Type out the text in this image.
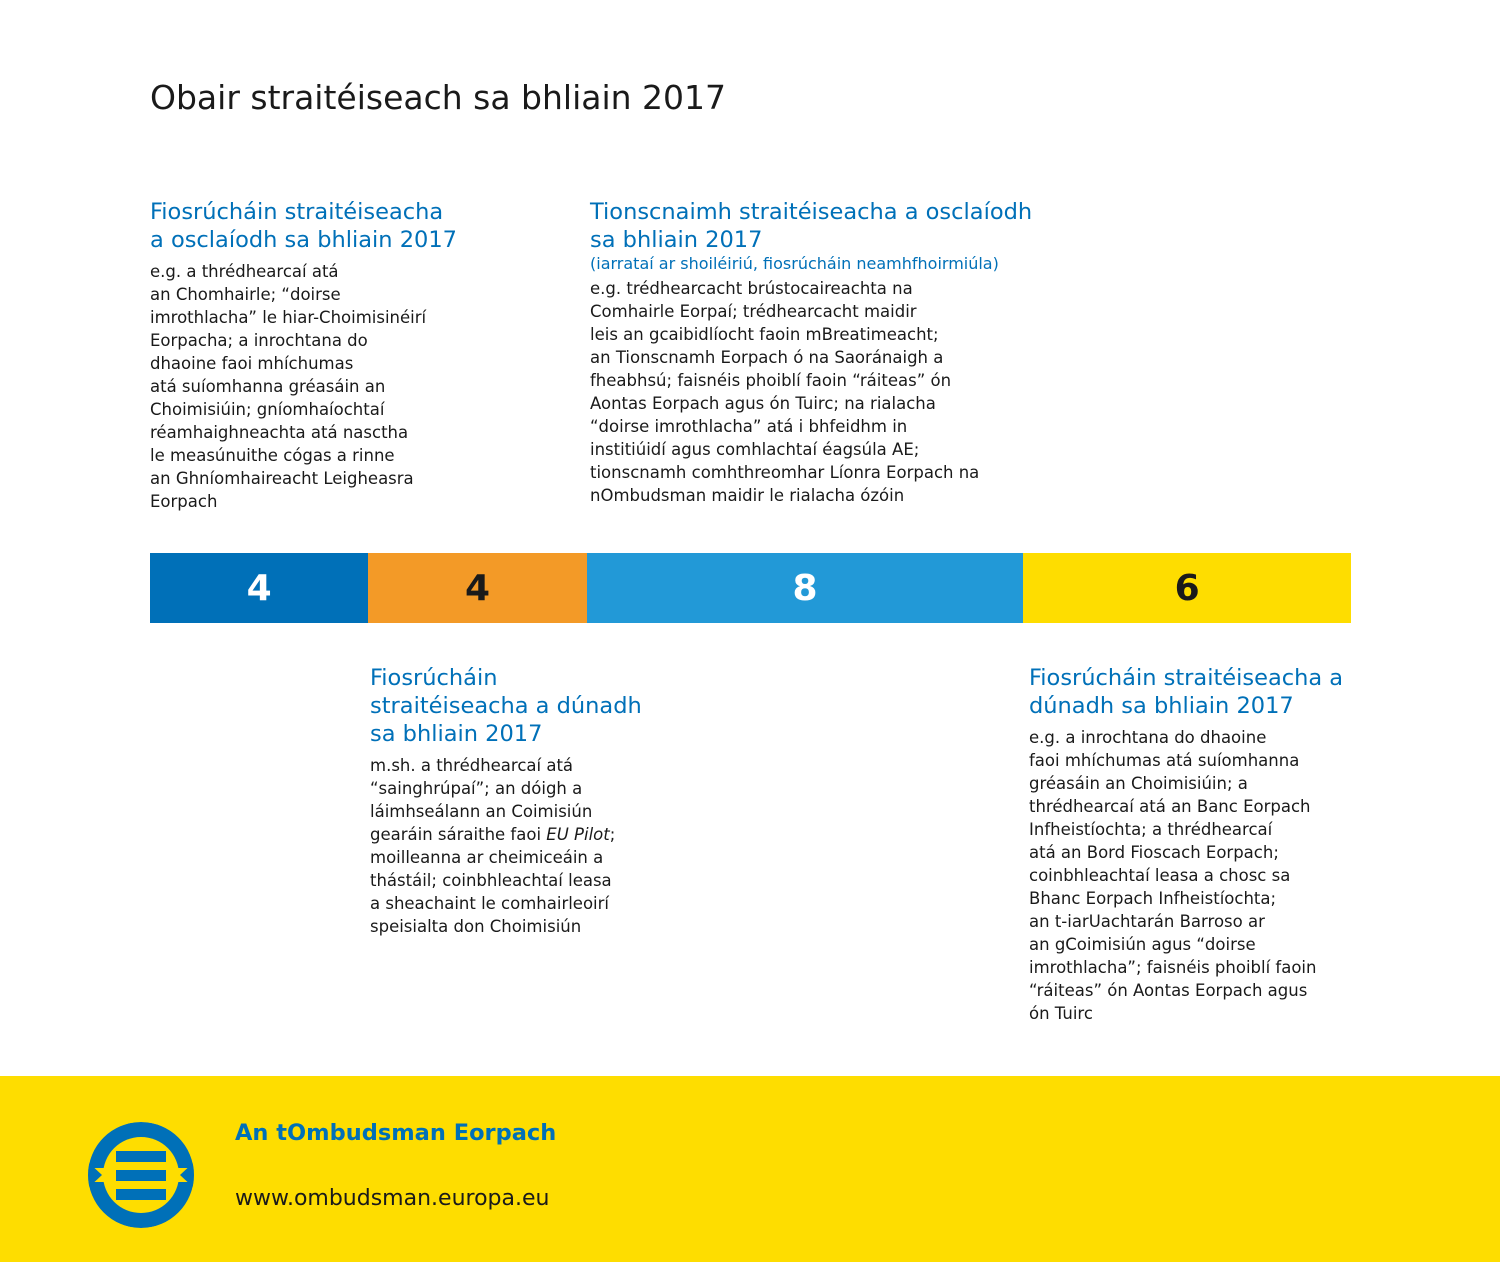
Obair straitéiseach sa bhliain 2017
Fiosrúcháin straitéiseacha
a osclaíodh sa bhliain 2017

e.g. a thrédhearcaí atá
an Chomhairle; “doirse
imrothlacha” le hiar-Choimisinéirí
Eorpacha; a inrochtana do
dhaoine faoi mhíchumas
atá suíomhanna gréasáin an
Choimisiúin; gníomhaíochtaí
réamhaighneachta atá nasctha
le measúnuithe cógas a rinne
an Ghníomhaireacht Leigheasra
Eorpach

Tionscnaimh straitéiseacha a osclaíodh
sa bhliain 2017
(iarrataí ar shoiléiriú, fiosrúcháin neamhfhoirmiúla)

e.g. trédhearcacht brústocaireachta na
Comhairle Eorpaí; trédhearcacht maidir
leis an gcaibidlíocht faoin mBreatimeacht;
an Tionscnamh Eorpach ó na Saoránaigh a
fheabhsú; faisnéis phoiblí faoin “ráiteas” ón
Aontas Eorpach agus ón Tuirc; na rialacha
“doirse imrothlacha” atá i bhfeidhm in
institiúidí agus comhlachtaí éagsúla AE;
tionscnamh comhthreomhar Líonra Eorpach na
nOmbudsman maidir le rialacha ózóin

4	4	8	6
Fiosrúcháin
straitéiseacha a dúnadh
sa bhliain 2017

m.sh. a thrédhearcaí atá
“sainghrúpaí”; an dóigh a
láimhseálann an Coimisiún
gearáin sáraithe faoi EU Pilot;
moilleanna ar cheimiceáin a
thástáil; coinbhleachtaí leasa
a sheachaint le comhairleoirí
speisialta don Choimisiún

Fiosrúcháin straitéiseacha a
dúnadh sa bhliain 2017

e.g. a inrochtana do dhaoine
faoi mhíchumas atá suíomhanna
gréasáin an Choimisiúin; a
thrédhearcaí atá an Banc Eorpach
Infheistíochta; a thrédhearcaí
atá an Bord Fioscach Eorpach;
coinbhleachtaí leasa a chosc sa
Bhanc Eorpach Infheistíochta;
an t-iarUachtarán Barroso ar
an gCoimisiún agus “doirse
imrothlacha”; faisnéis phoiblí faoin
“ráiteas” ón Aontas Eorpach agus
ón Tuirc

An tOmbudsman Eorpach
www.ombudsman.europa.eu
